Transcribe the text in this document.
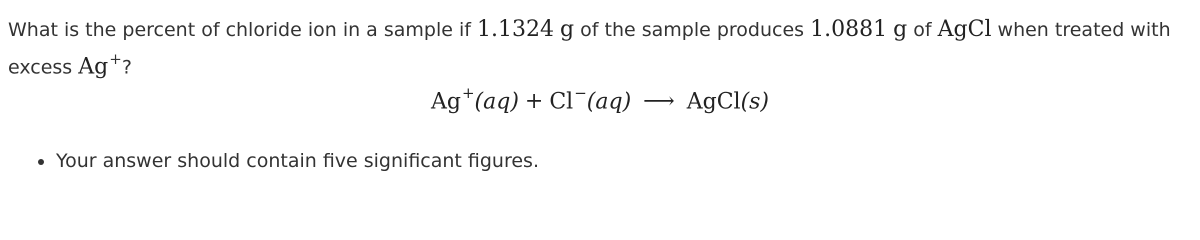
What is the percent of chloride ion in a sample if 1.1324 g of the sample produces 1.0881 g of AgCl when treated with excess Ag+?
Ag+(aq) + Cl−(aq) ⟶ AgCl(s)
• Your answer should contain five significant figures.
